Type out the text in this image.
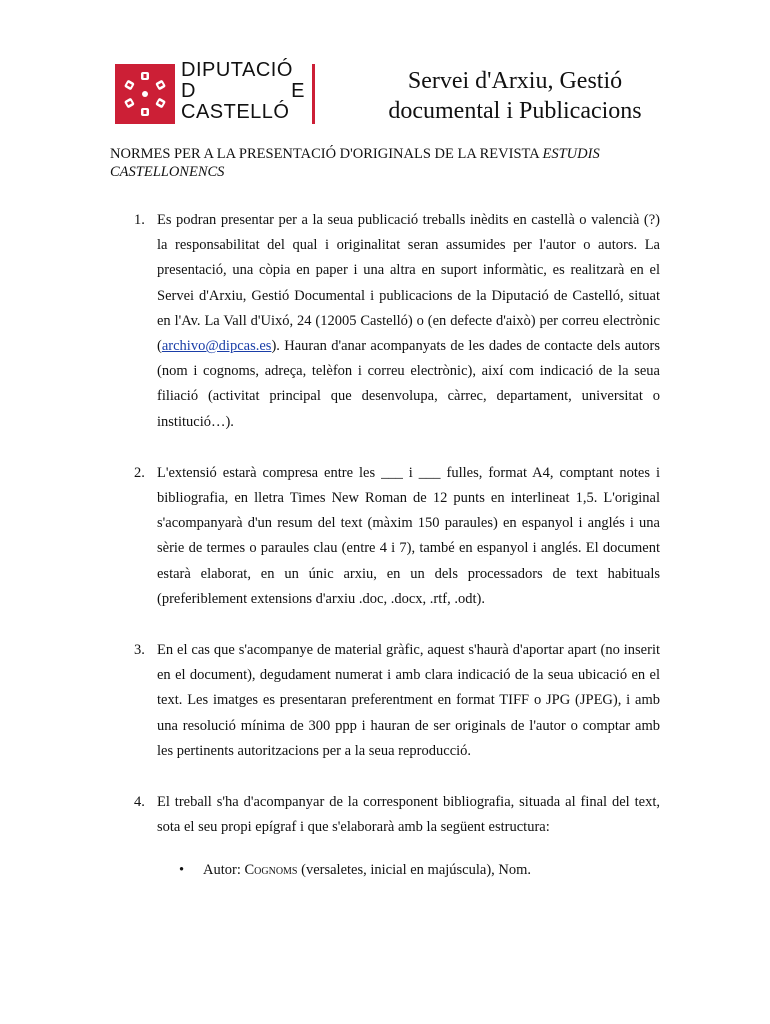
DIPUTACIÓ
D	E
CASTELLÓ
Servei d'Arxiu, Gestió
documental i Publicacions
NORMES PER A LA PRESENTACIÓ D'ORIGINALS DE LA REVISTA ESTUDIS CASTELLONENCS
1. Es podran presentar per a la seua publicació treballs inèdits en castellà o valencià (?) la responsabilitat del qual i originalitat seran assumides per l'autor o autors. La presentació, una còpia en paper i una altra en suport informàtic, es realitzarà en el Servei d'Arxiu, Gestió Documental i publicacions de la Diputació de Castelló, situat en l'Av. La Vall d'Uixó, 24 (12005 Castelló) o (en defecte d'això) per correu electrònic (archivo@dipcas.es). Hauran d'anar acompanyats de les dades de contacte dels autors (nom i cognoms, adreça, telèfon i correu electrònic), així com indicació de la seua filiació (activitat principal que desenvolupa, càrrec, departament, universitat o institució…).
2. L'extensió estarà compresa entre les ___ i ___ fulles, format A4, comptant notes i bibliografia, en lletra Times New Roman de 12 punts en interlineat 1,5. L'original s'acompanyarà d'un resum del text (màxim 150 paraules) en espanyol i anglés i una sèrie de termes o paraules clau (entre 4 i 7), també en espanyol i anglés. El document estarà elaborat, en un únic arxiu, en un dels processadors de text habituals (preferiblement extensions d'arxiu .doc, .docx, .rtf, .odt).
3. En el cas que s'acompanye de material gràfic, aquest s'haurà d'aportar apart (no inserit en el document), degudament numerat i amb clara indicació de la seua ubicació en el text. Les imatges es presentaran preferentment en format TIFF o JPG (JPEG), i amb una resolució mínima de 300 ppp i hauran de ser originals de l'autor o comptar amb les pertinents autoritzacions per a la seua reproducció.
4. El treball s'ha d'acompanyar de la corresponent bibliografia, situada al final del text, sota el seu propi epígraf i que s'elaborarà amb la següent estructura:
• Autor: Cognoms (versaletes, inicial en majúscula), Nom.
